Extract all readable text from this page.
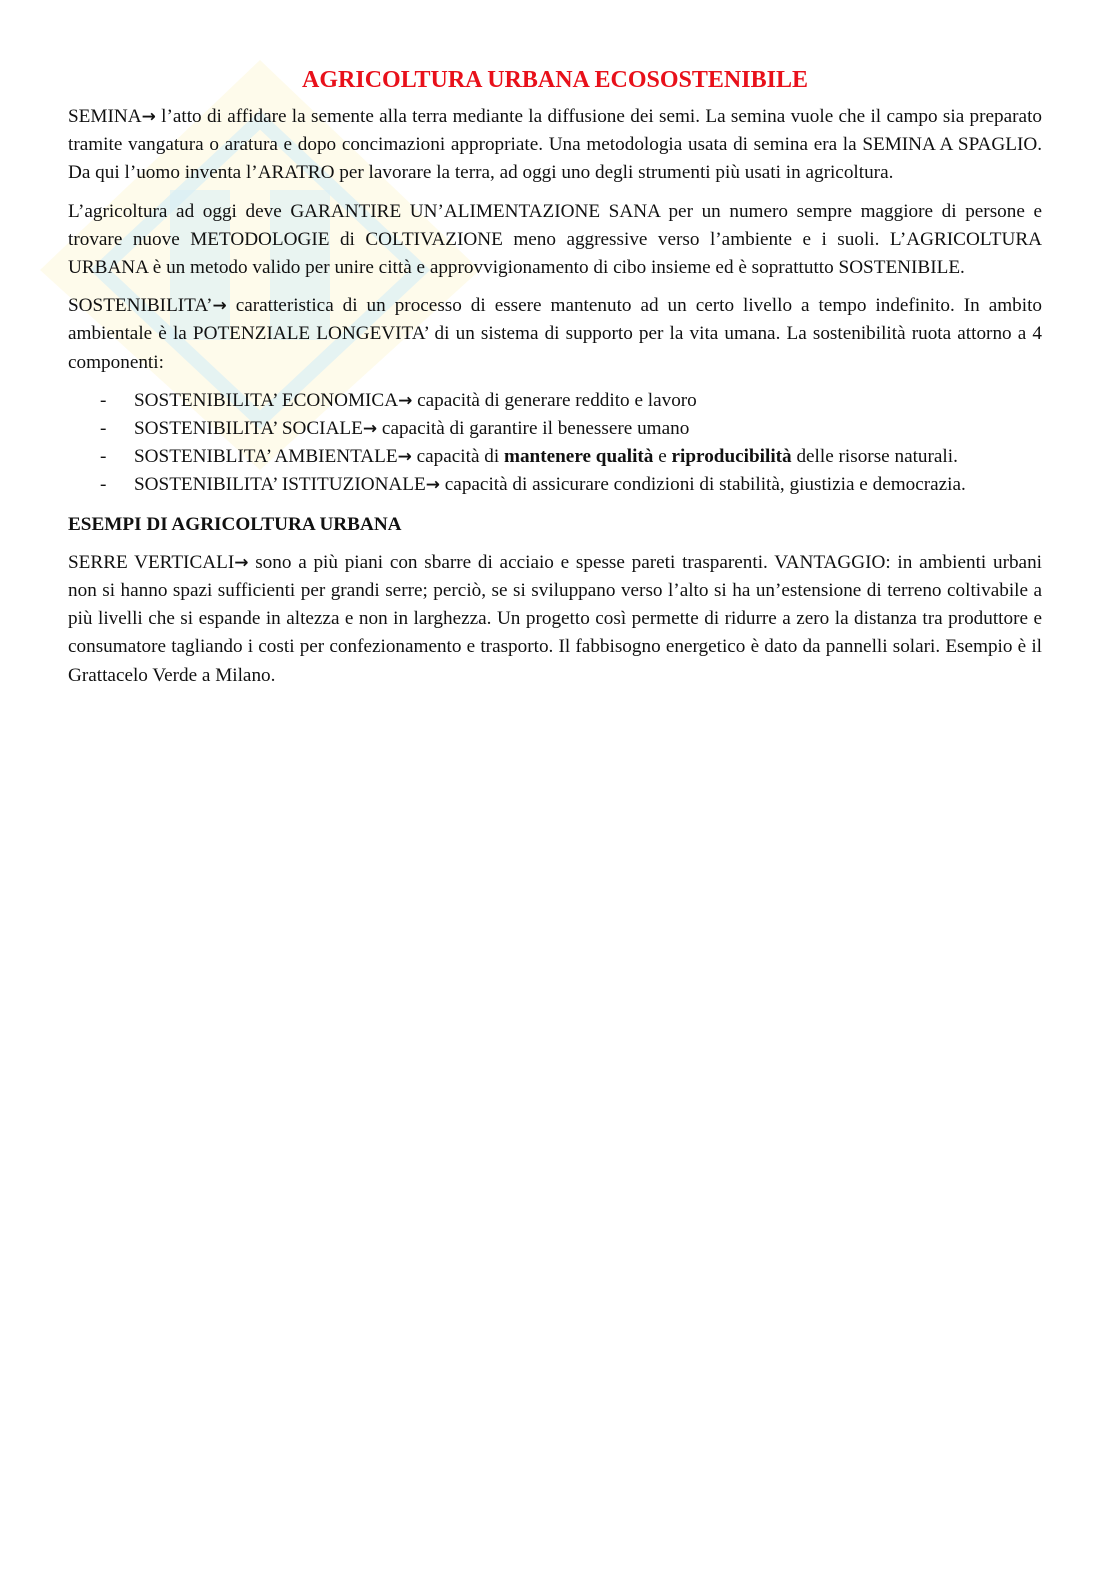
AGRICOLTURA URBANA ECOSOSTENIBILE

SEMINA→ l’atto di affidare la semente alla terra mediante la diffusione dei semi. La semina vuole che il campo sia preparato tramite vangatura o aratura e dopo concimazioni appropriate. Una metodologia usata di semina era la SEMINA A SPAGLIO. Da qui l’uomo inventa l’ARATRO per lavorare la terra, ad oggi uno degli strumenti più usati in agricoltura.

L’agricoltura ad oggi deve GARANTIRE UN’ALIMENTAZIONE SANA per un numero sempre maggiore di persone e trovare nuove METODOLOGIE di COLTIVAZIONE meno aggressive verso l’ambiente e i suoli. L’AGRICOLTURA URBANA è un metodo valido per unire città e approvvigionamento di cibo insieme ed è soprattutto SOSTENIBILE.

SOSTENIBILITA’→ caratteristica di un processo di essere mantenuto ad un certo livello a tempo indefinito. In ambito ambientale è la POTENZIALE LONGEVITA’ di un sistema di supporto per la vita umana. La sostenibilità ruota attorno a 4 componenti:

- SOSTENIBILITA’ ECONOMICA→ capacità di generare reddito e lavoro
- SOSTENIBILITA’ SOCIALE→ capacità di garantire il benessere umano
- SOSTENIBLITA’ AMBIENTALE→ capacità di mantenere qualità e riproducibilità delle risorse naturali.
- SOSTENIBILITA’ ISTITUZIONALE→ capacità di assicurare condizioni di stabilità, giustizia e democrazia.
ESEMPI DI AGRICOLTURA URBANA

SERRE VERTICALI→ sono a più piani con sbarre di acciaio e spesse pareti trasparenti. VANTAGGIO: in ambienti urbani non si hanno spazi sufficienti per grandi serre; perciò, se si sviluppano verso l’alto si ha un’estensione di terreno coltivabile a più livelli che si espande in altezza e non in larghezza. Un progetto così permette di ridurre a zero la distanza tra produttore e consumatore tagliando i costi per confezionamento e trasporto. Il fabbisogno energetico è dato da pannelli solari. Esempio è il Grattacelo Verde a Milano.
